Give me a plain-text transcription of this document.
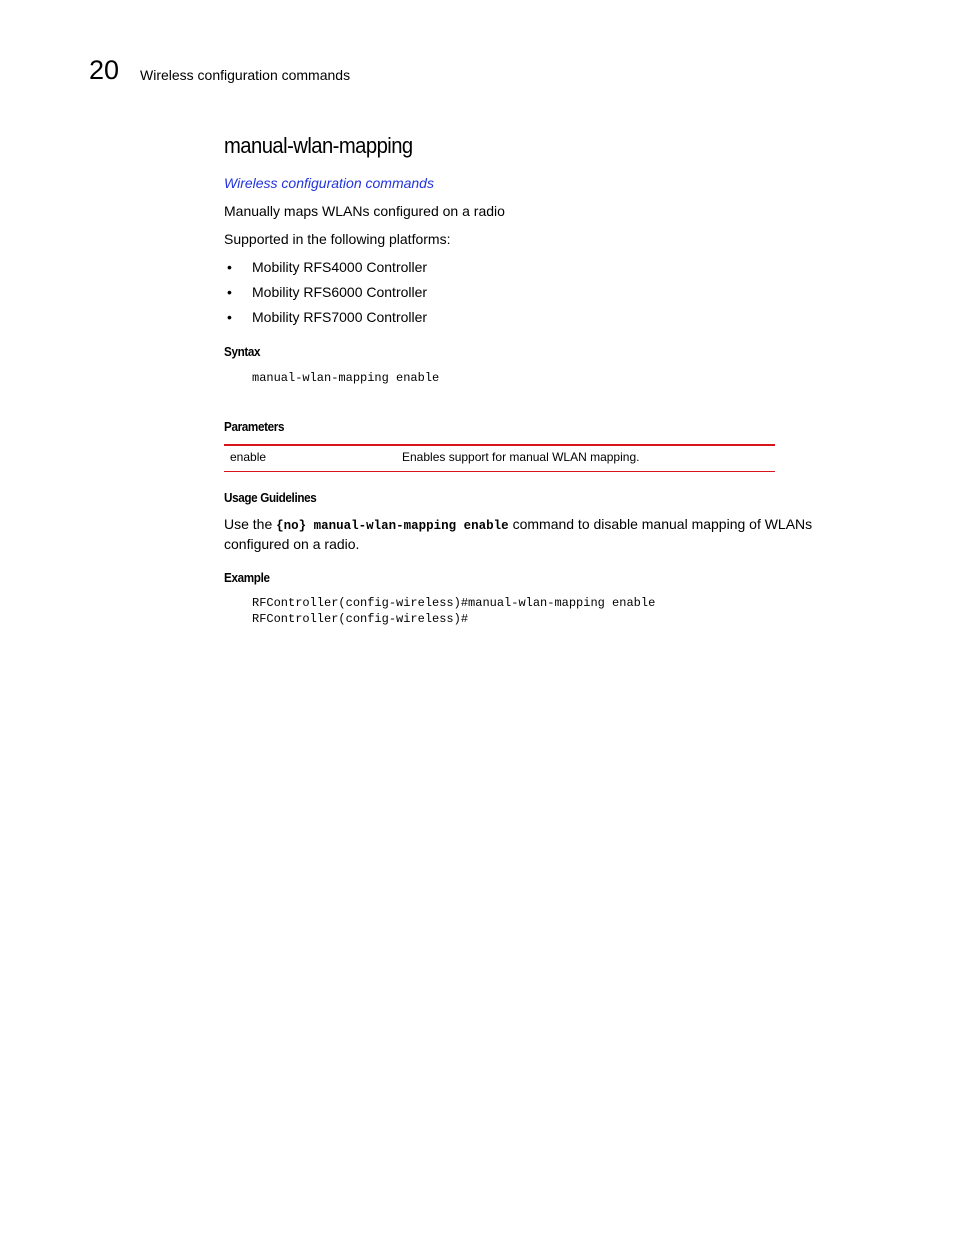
20 Wireless configuration commands
manual-wlan-mapping
Wireless configuration commands
Manually maps WLANs configured on a radio
Supported in the following platforms:
• Mobility RFS4000 Controller
• Mobility RFS6000 Controller
• Mobility RFS7000 Controller
Syntax
manual-wlan-mapping enable
Parameters
enable	Enables support for manual WLAN mapping.
Usage Guidelines
Use the {no} manual-wlan-mapping enable command to disable manual mapping of WLANs configured on a radio.
Example
RFController(config-wireless)#manual-wlan-mapping enable
RFController(config-wireless)#
